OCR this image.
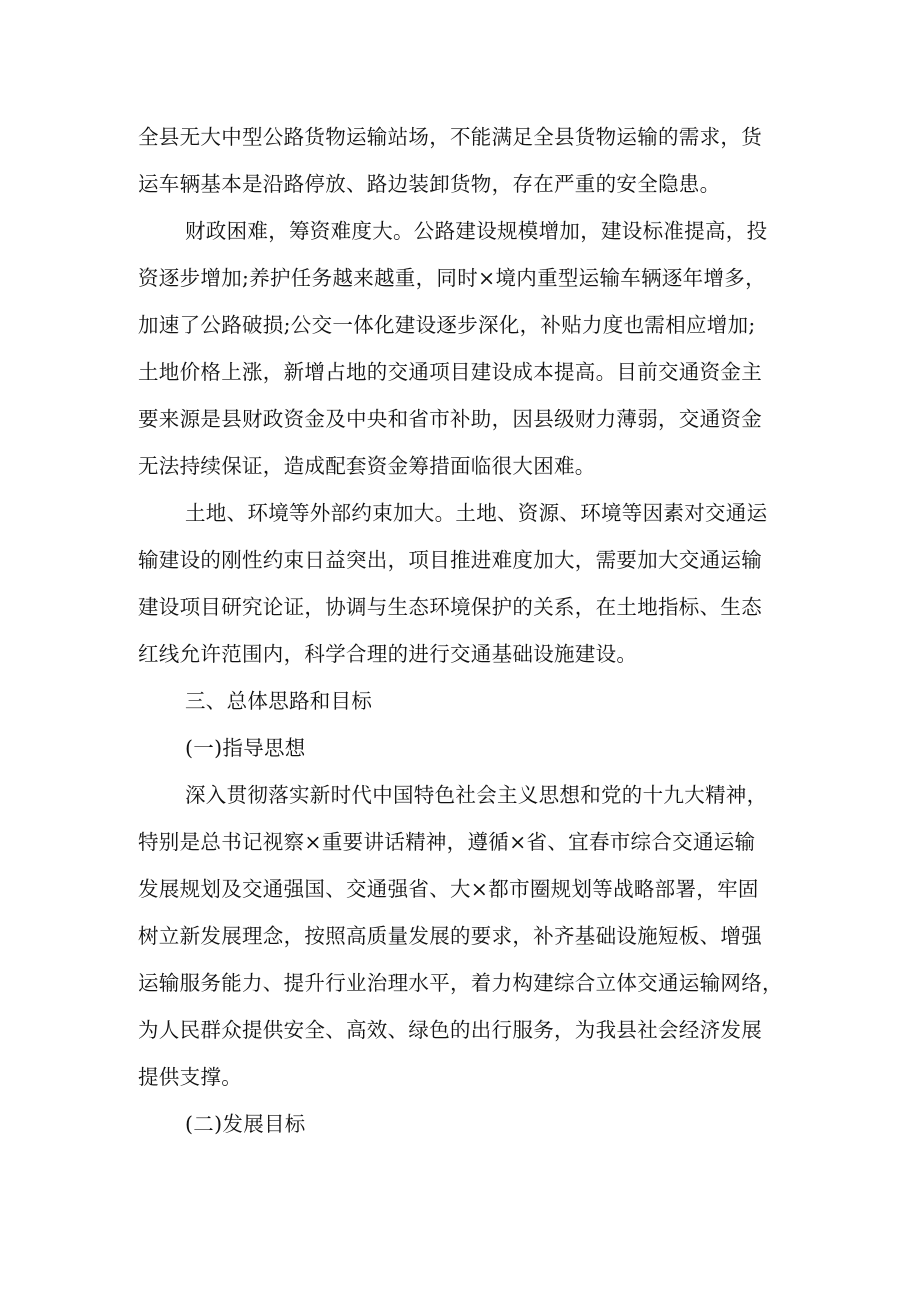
全县无大中型公路货物运输站场，不能满足全县货物运输的需求，货
运车辆基本是沿路停放、路边装卸货物，存在严重的安全隐患。
财政困难，筹资难度大。公路建设规模增加，建设标准提高，投
资逐步增加;养护任务越来越重，同时×境内重型运输车辆逐年增多，
加速了公路破损;公交一体化建设逐步深化，补贴力度也需相应增加;
土地价格上涨，新增占地的交通项目建设成本提高。目前交通资金主
要来源是县财政资金及中央和省市补助，因县级财力薄弱，交通资金
无法持续保证，造成配套资金筹措面临很大困难。
土地、环境等外部约束加大。土地、资源、环境等因素对交通运
输建设的刚性约束日益突出，项目推进难度加大，需要加大交通运输
建设项目研究论证，协调与生态环境保护的关系，在土地指标、生态
红线允许范围内，科学合理的进行交通基础设施建设。
三、总体思路和目标
(一)指导思想
深入贯彻落实新时代中国特色社会主义思想和党的十九大精神，
特别是总书记视察×重要讲话精神，遵循×省、宜春市综合交通运输
发展规划及交通强国、交通强省、大×都市圈规划等战略部署，牢固
树立新发展理念，按照高质量发展的要求，补齐基础设施短板、增强
运输服务能力、提升行业治理水平，着力构建综合立体交通运输网络，
为人民群众提供安全、高效、绿色的出行服务，为我县社会经济发展
提供支撑。
(二)发展目标
